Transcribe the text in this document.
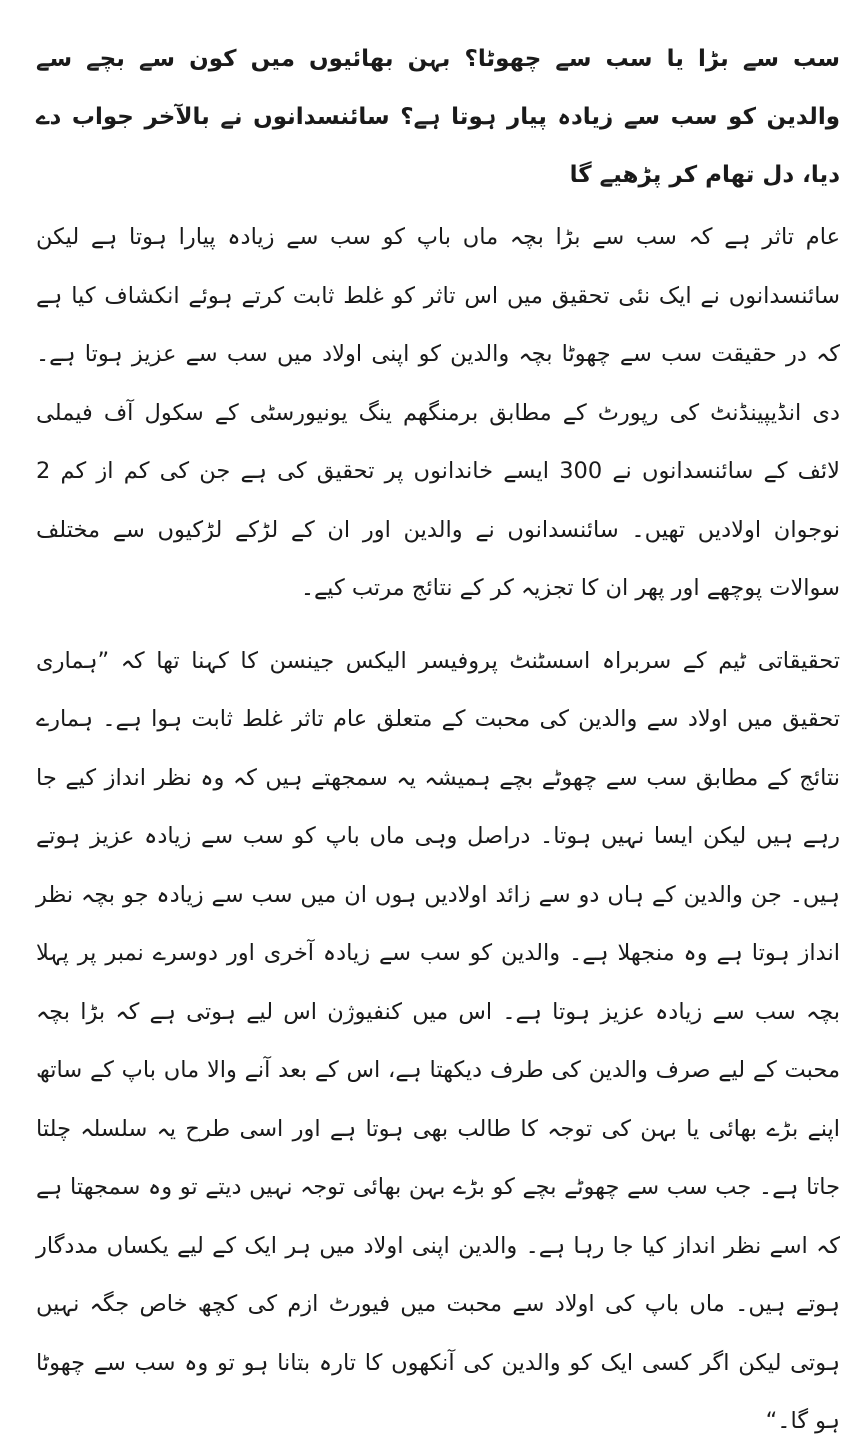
سب سے بڑا یا سب سے چھوٹا؟ بہن بھائیوں میں کون سے بچے سے والدین کو سب سے زیادہ پیار ہوتا ہے؟ سائنسدانوں نے بالآخر جواب دے دیا، دل تھام کر پڑھیے گا

عام تاثر ہے کہ سب سے بڑا بچہ ماں باپ کو سب سے زیادہ پیارا ہوتا ہے لیکن سائنسدانوں نے ایک نئی تحقیق میں اس تاثر کو غلط ثابت کرتے ہوئے انکشاف کیا ہے کہ در حقیقت سب سے چھوٹا بچہ والدین کو اپنی اولاد میں سب سے عزیز ہوتا ہے۔ دی انڈیپینڈنٹ کی رپورٹ کے مطابق برمنگھم ینگ یونیورسٹی کے سکول آف فیملی لائف کے سائنسدانوں نے 300 ایسے خاندانوں پر تحقیق کی ہے جن کی کم از کم 2 نوجوان اولادیں تھیں۔ سائنسدانوں نے والدین اور ان کے لڑکے لڑکیوں سے مختلف سوالات پوچھے اور پھر ان کا تجزیہ کر کے نتائج مرتب کیے۔

تحقیقاتی ٹیم کے سربراہ اسسٹنٹ پروفیسر الیکس جینسن کا کہنا تھا کہ ”ہماری تحقیق میں اولاد سے والدین کی محبت کے متعلق عام تاثر غلط ثابت ہوا ہے۔ ہمارے نتائج کے مطابق سب سے چھوٹے بچے ہمیشہ یہ سمجھتے ہیں کہ وہ نظر انداز کیے جا رہے ہیں لیکن ایسا نہیں ہوتا۔ دراصل وہی ماں باپ کو سب سے زیادہ عزیز ہوتے ہیں۔ جن والدین کے ہاں دو سے زائد اولادیں ہوں ان میں سب سے زیادہ جو بچہ نظر انداز ہوتا ہے وہ منجھلا ہے۔ والدین کو سب سے زیادہ آخری اور دوسرے نمبر پر پہلا بچہ سب سے زیادہ عزیز ہوتا ہے۔ اس میں کنفیوژن اس لیے ہوتی ہے کہ بڑا بچہ محبت کے لیے صرف والدین کی طرف دیکھتا ہے، اس کے بعد آنے والا ماں باپ کے ساتھ اپنے بڑے بھائی یا بہن کی توجہ کا طالب بھی ہوتا ہے اور اسی طرح یہ سلسلہ چلتا جاتا ہے۔ جب سب سے چھوٹے بچے کو بڑے بہن بھائی توجہ نہیں دیتے تو وہ سمجھتا ہے کہ اسے نظر انداز کیا جا رہا ہے۔ والدین اپنی اولاد میں ہر ایک کے لیے یکساں مددگار ہوتے ہیں۔ ماں باپ کی اولاد سے محبت میں فیورٹ ازم کی کچھ خاص جگہ نہیں ہوتی لیکن اگر کسی ایک کو والدین کی آنکھوں کا تارہ بتانا ہو تو وہ سب سے چھوٹا ہو گا۔“
